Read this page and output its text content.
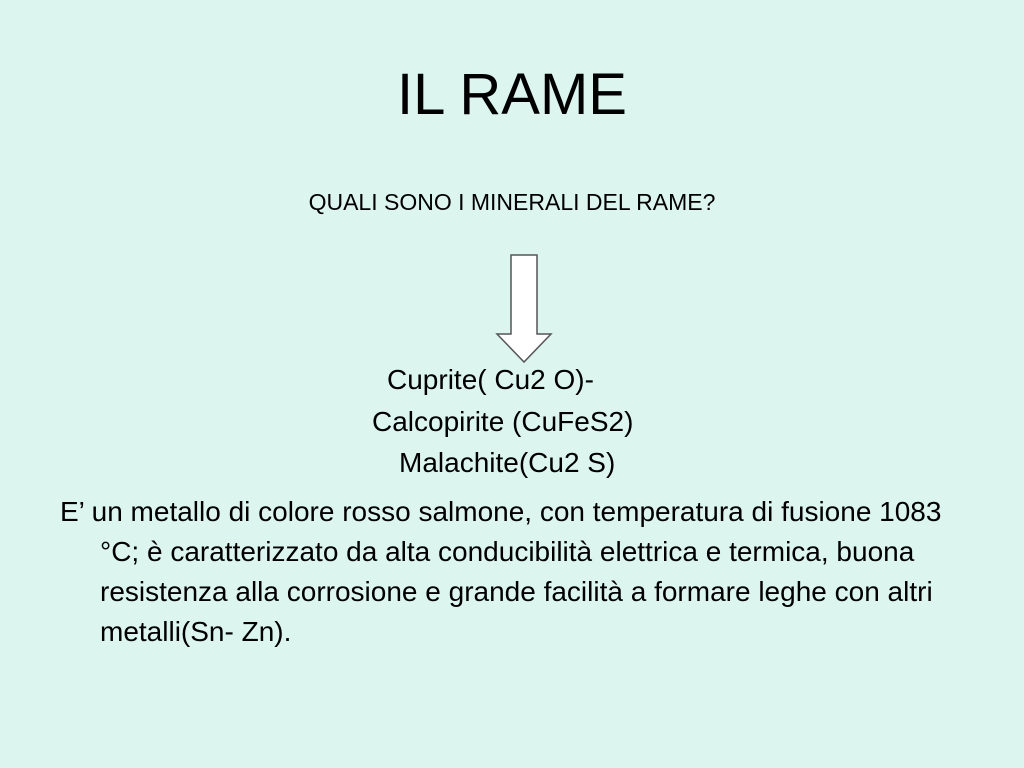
IL RAME
QUALI SONO I MINERALI DEL RAME?
Cuprite( Cu2 O)-
Calcopirite (CuFeS2)
Malachite(Cu2 S)

E’ un metallo di colore rosso salmone, con temperatura di fusione 1083 °C; è caratterizzato da alta conducibilità elettrica e termica, buona resistenza alla corrosione e grande facilità a formare leghe con altri metalli(Sn- Zn).
